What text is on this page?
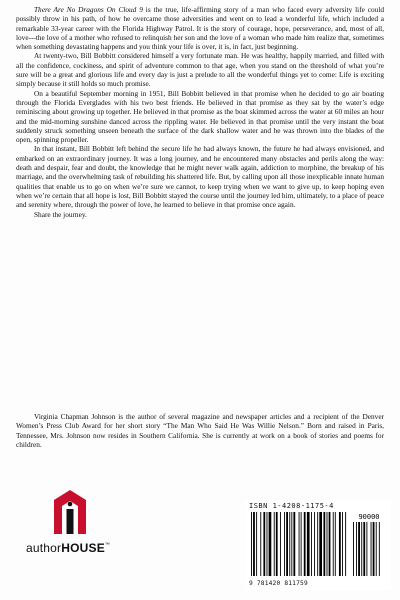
There Are No Dragons On Cloud 9 is the true, life-affirming story of a man who faced every adversity life could possibly throw in his path, of how he overcame those adversities and went on to lead a wonderful life, which included a remarkable 33-year career with the Florida Highway Patrol. It is the story of courage, hope, perseverance, and, most of all, love---the love of a mother who refused to relinquish her son and the love of a woman who made him realize that, sometimes when something devastating happens and you think your life is over, it is, in fact, just beginning.

At twenty-two, Bill Bobbitt considered himself a very fortunate man. He was healthy, happily married, and filled with all the confidence, cockiness, and spirit of adventure common to that age, when you stand on the threshold of what you’re sure will be a great and glorious life and every day is just a prelude to all the wonderful things yet to come: Life is exciting simply because it still holds so much promise.

On a beautiful September morning in 1951, Bill Bobbitt believed in that promise when he decided to go air boating through the Florida Everglades with his two best friends. He believed in that promise as they sat by the water’s edge reminiscing about growing up together. He believed in that promise as the boat skimmed across the water at 60 miles an hour and the mid-morning sunshine danced across the rippling water. He believed in that promise until the very instant the boat suddenly struck something unseen beneath the surface of the dark shallow water and he was thrown into the blades of the open, spinning propeller.

In that instant, Bill Bobbitt left behind the secure life he had always known, the future he had always envisioned, and embarked on an extraordinary journey. It was a long journey, and he encountered many obstacles and perils along the way: death and despair, fear and doubt, the knowledge that he might never walk again, addiction to morphine, the breakup of his marriage, and the overwhelming task of rebuilding his shattered life. But, by calling upon all those inexplicable innate human qualities that enable us to go on when we’re sure we cannot, to keep trying when we want to give up, to keep hoping even when we’re certain that all hope is lost, Bill Bobbitt stayed the course until the journey led him, ultimately, to a place of peace and serenity where, through the power of love, he learned to believe in that promise once again.

Share the journey.

Virginia Chapman Johnson is the author of several magazine and newspaper articles and a recipient of the Denver Women’s Press Club Award for her short story “The Man Who Said He Was Willie Nelson.” Born and raised in Paris, Tennessee, Mrs. Johnson now resides in Southern California. She is currently at work on a book of stories and poems for children.

authorHOUSE™
ISBN 1-4208-1175-4
90000
9 781420 811759
